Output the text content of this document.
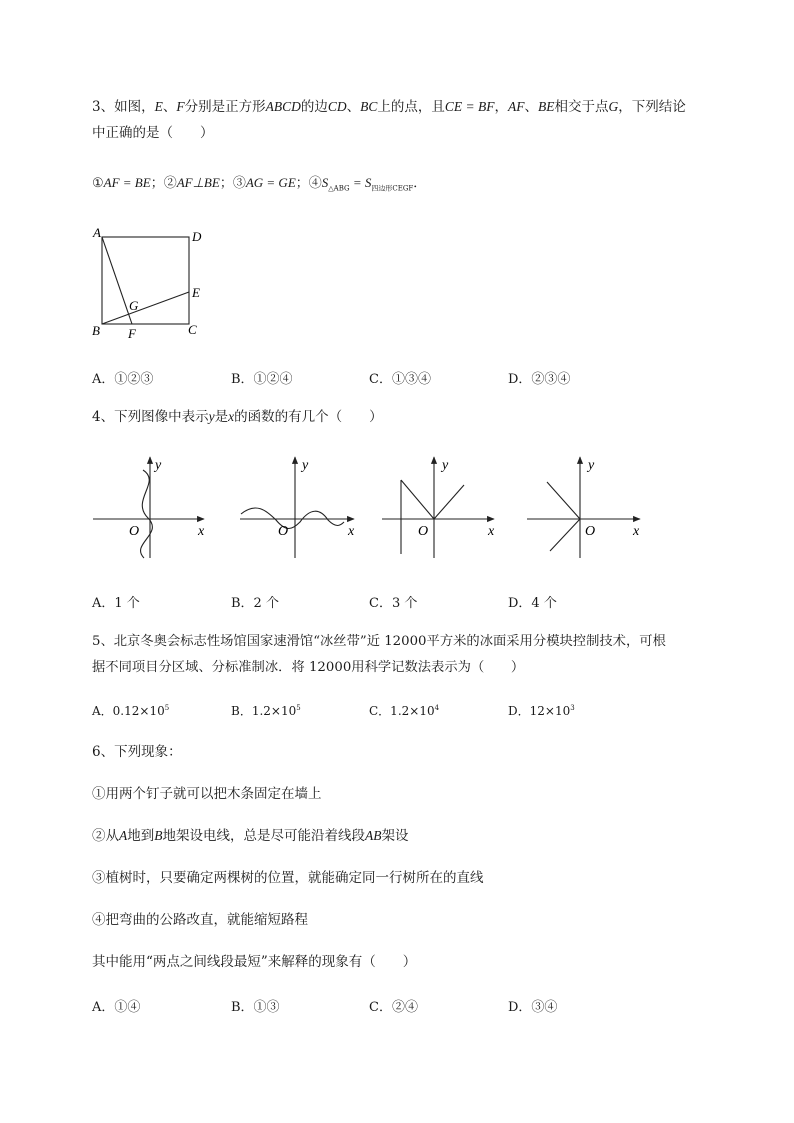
3、如图，E、F分别是正方形ABCD的边CD、BC上的点，且CE = BF，AF、BE相交于点G，下列结论
中正确的是（　　）
①AF = BE；②AF⊥BE；③AG = GE；$④S_{\triangle ABG} = S_{四边形CEGF}$．
A	D
E
G
B F	C
A．①②③	B．①②④	C．①③④	D．②③④
4、下列图像中表示y是x的函数的有几个（　　）
y
x
O
y
x
O
y
x
O
y
x
O
A．1 个	B．2 个	C．3 个	D．4 个
5、北京冬奥会标志性场馆国家速滑馆“冰丝带”近 12000平方米的冰面采用分模块控制技术，可根
据不同项目分区域、分标准制冰．将 12000用科学记数法表示为（　　）
A．$0.12\times 10^5$	B．$1.2\times 10^5$	C．$1.2\times 10^4$	D．$12\times 10^3$
6、下列现象：
①用两个钉子就可以把木条固定在墙上
②从A地到B地架设电线，总是尽可能沿着线段AB架设
③植树时，只要确定两棵树的位置，就能确定同一行树所在的直线
④把弯曲的公路改直，就能缩短路程
其中能用“两点之间线段最短”来解释的现象有（　　）
A．①④	B．①③	C．②④	D．③④
